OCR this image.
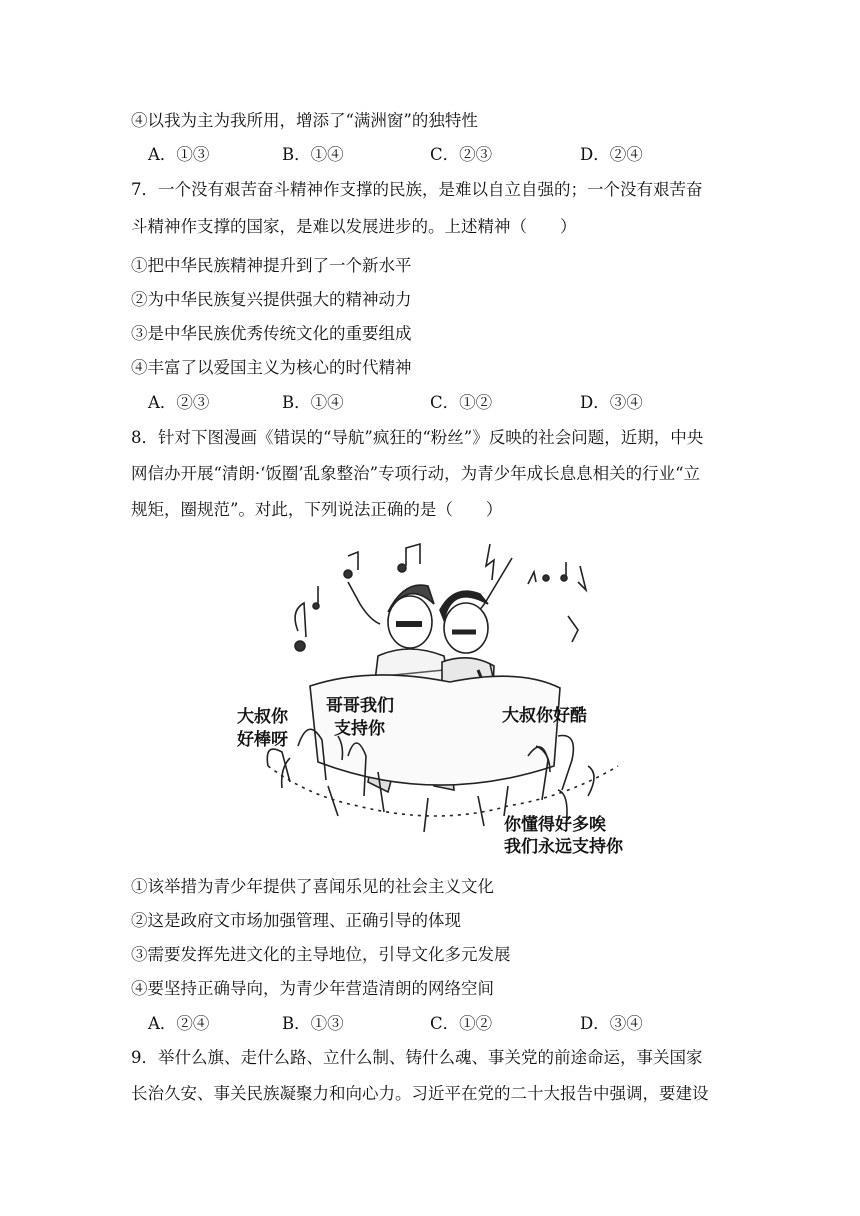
④以我为主为我所用，增添了“满洲窗”的独特性
A．①③	B．①④	C．②③	D．②④
7．一个没有艰苦奋斗精神作支撑的民族，是难以自立自强的；一个没有艰苦奋
斗精神作支撑的国家，是难以发展进步的。上述精神（　　）
①把中华民族精神提升到了一个新水平
②为中华民族复兴提供强大的精神动力
③是中华民族优秀传统文化的重要组成
④丰富了以爱国主义为核心的时代精神
A．②③	B．①④	C．①②	D．③④
8．针对下图漫画《错误的“导航”疯狂的“粉丝”》反映的社会问题，近期，中央
网信办开展“清朗·‘饭圈’乱象整治”专项行动，为青少年成长息息相关的行业“立
规矩，圈规范”。对此，下列说法正确的是（　　）
大叔你
好棒呀
哥哥我们
支持你
大叔你好酷
你懂得好多唉
我们永远支持你
①该举措为青少年提供了喜闻乐见的社会主义文化
②这是政府文市场加强管理、正确引导的体现
③需要发挥先进文化的主导地位，引导文化多元发展
④要坚持正确导向，为青少年营造清朗的网络空间
A．②④	B．①③	C．①②	D．③④
9．举什么旗、走什么路、立什么制、铸什么魂、事关党的前途命运，事关国家
长治久安、事关民族凝聚力和向心力。习近平在党的二十大报告中强调，要建设
